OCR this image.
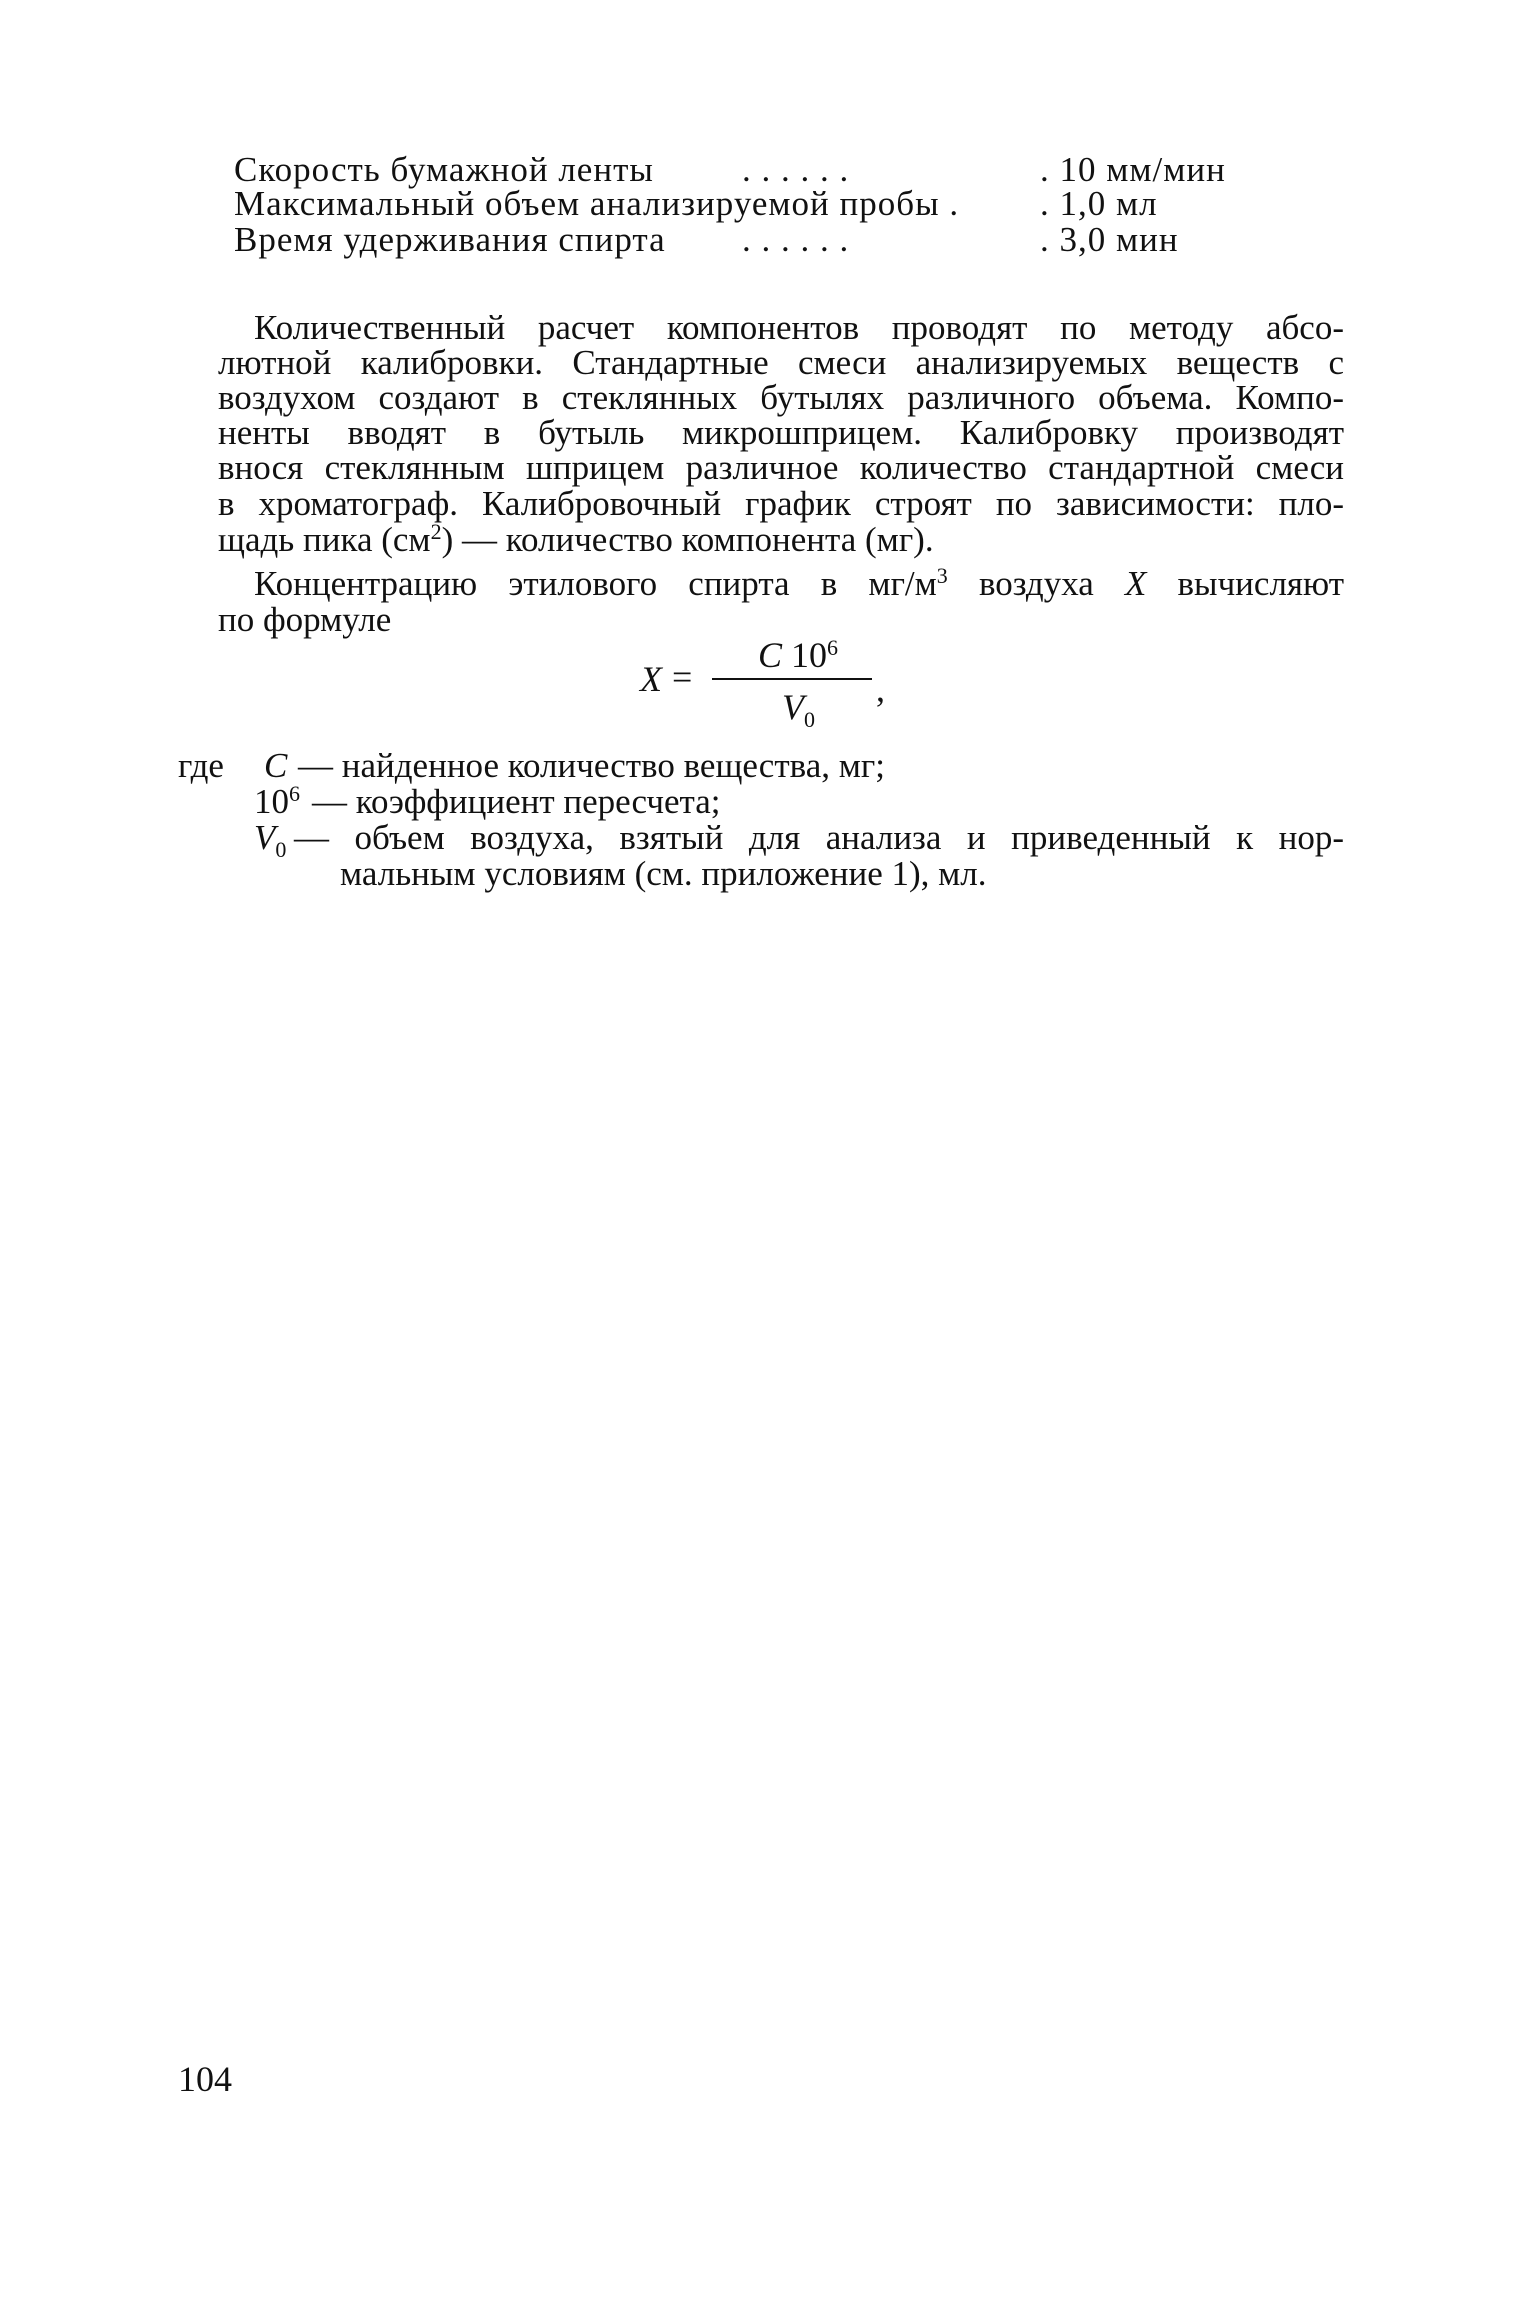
Скорость бумажной ленты	. . . . . .	. 10 мм/мин
Максимальный объем анализируемой пробы . . 1,0 мл
Время удерживания спирта . . . . . .	. 3,0 мин
Количественный расчет компонентов проводят по методу абсо-
лютной калибровки. Стандартные смеси анализируемых веществ с
воздухом создают в стеклянных бутылях различного объема. Компо-
ненты вводят в бутыль микрошприцем. Калибровку производят
внося стеклянным шприцем различное количество стандартной смеси
в хроматограф. Калибровочный график строят по зависимости: пло-
щадь пика $(см^2)$ — количество компонента (мг).
Концентрацию этилового спирта в $мг/м^3$ воздуха X вычисляют
по формуле
X =
C $10^6$
$V_0$
,
где C — найденное количество вещества, мг;
$10^6$ — коэффициент пересчета;
$V_0$ — объем воздуха, взятый для анализа и приведенный к нор-
мальным условиям (см. приложение 1), мл.
104
